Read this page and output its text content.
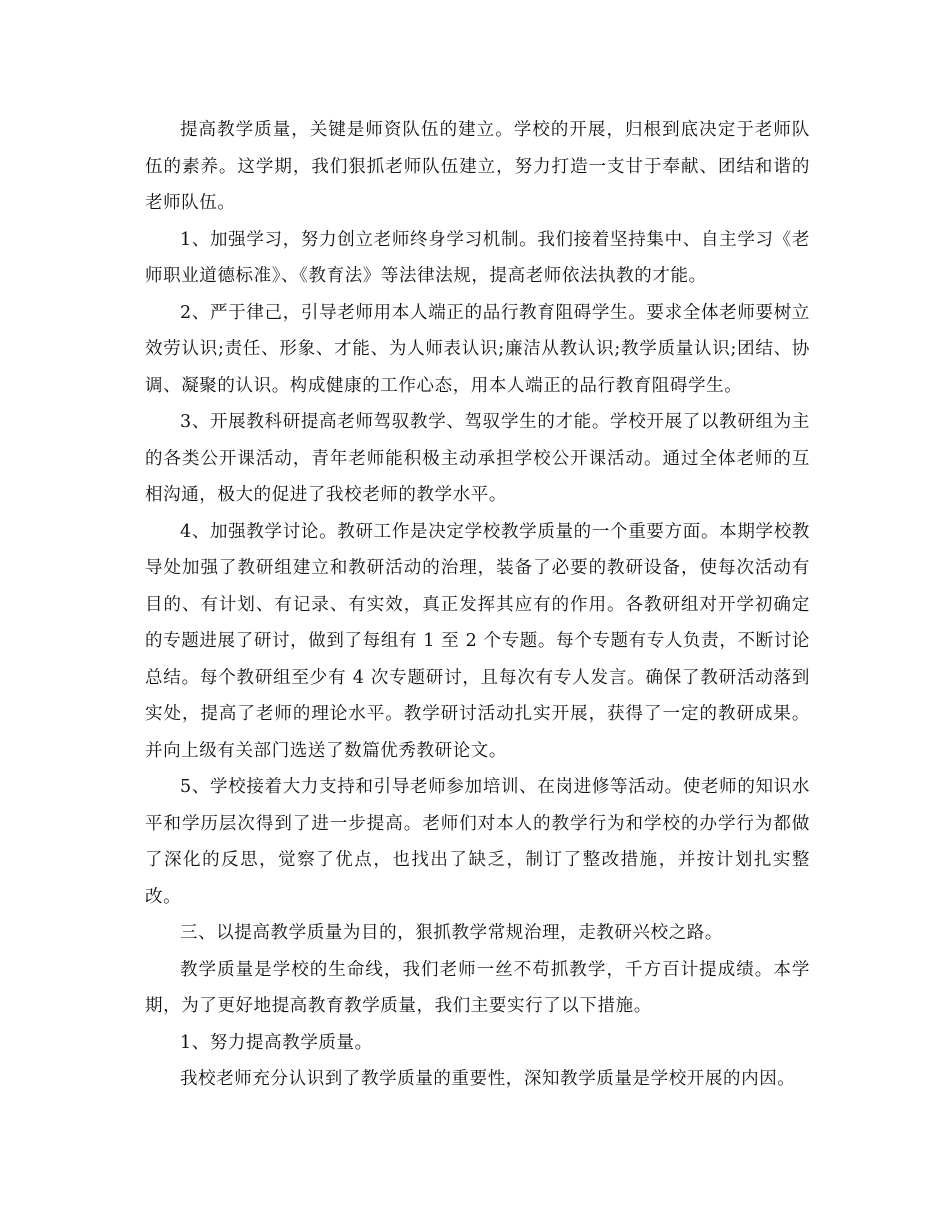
提高教学质量，关键是师资队伍的建立。学校的开展，归根到底决定于老师队伍的素养。这学期，我们狠抓老师队伍建立，努力打造一支甘于奉献、团结和谐的老师队伍。

1、加强学习，努力创立老师终身学习机制。我们接着坚持集中、自主学习《老师职业道德标准》、《教育法》等法律法规，提高老师依法执教的才能。

2、严于律己，引导老师用本人端正的品行教育阻碍学生。要求全体老师要树立效劳认识;责任、形象、才能、为人师表认识;廉洁从教认识;教学质量认识;团结、协调、凝聚的认识。构成健康的工作心态，用本人端正的品行教育阻碍学生。

3、开展教科研提高老师驾驭教学、驾驭学生的才能。学校开展了以教研组为主的各类公开课活动，青年老师能积极主动承担学校公开课活动。通过全体老师的互相沟通，极大的促进了我校老师的教学水平。

4、加强教学讨论。教研工作是决定学校教学质量的一个重要方面。本期学校教导处加强了教研组建立和教研活动的治理，装备了必要的教研设备，使每次活动有目的、有计划、有记录、有实效，真正发挥其应有的作用。各教研组对开学初确定的专题进展了研讨，做到了每组有 1 至 2 个专题。每个专题有专人负责，不断讨论总结。每个教研组至少有 4 次专题研讨，且每次有专人发言。确保了教研活动落到实处，提高了老师的理论水平。教学研讨活动扎实开展，获得了一定的教研成果。并向上级有关部门选送了数篇优秀教研论文。

5、学校接着大力支持和引导老师参加培训、在岗进修等活动。使老师的知识水平和学历层次得到了进一步提高。老师们对本人的教学行为和学校的办学行为都做了深化的反思，觉察了优点，也找出了缺乏，制订了整改措施，并按计划扎实整改。

三、以提高教学质量为目的，狠抓教学常规治理，走教研兴校之路。

教学质量是学校的生命线，我们老师一丝不苟抓教学，千方百计提成绩。本学期，为了更好地提高教育教学质量，我们主要实行了以下措施。

1、努力提高教学质量。

我校老师充分认识到了教学质量的重要性，深知教学质量是学校开展的内因。
